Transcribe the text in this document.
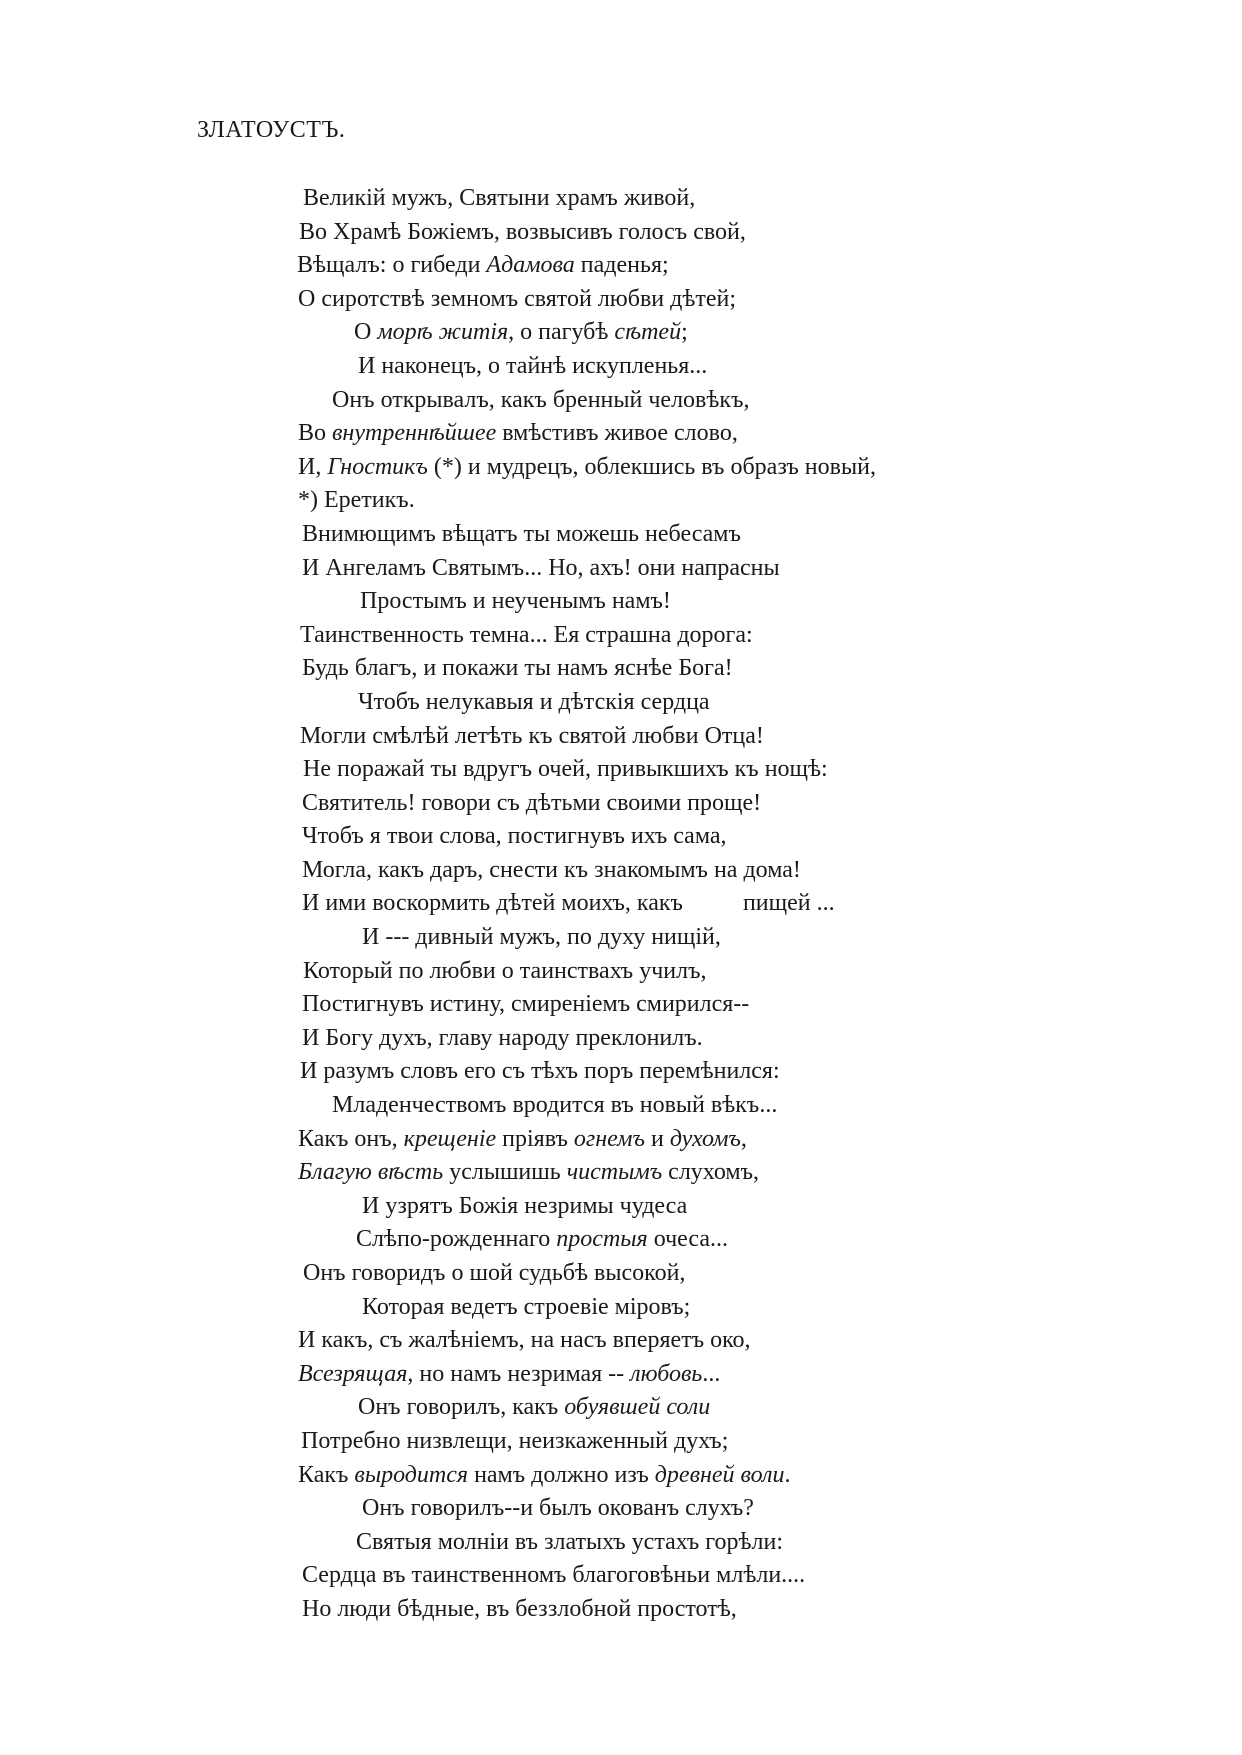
ЗЛАТОУСТЪ.
Великiй мужъ, Святыни храмъ живой,
Во Храмѣ Божiемъ, возвысивъ голосъ свой,
Вѣщалъ: о гибеди Адамова паденья;
О сиротствѣ земномъ святой любви дѣтей;
О морѣ житiя, о пагубѣ сѣтей;
И наконецъ, о тайнѣ искупленья...
Онъ открывалъ, какъ бренный человѣкъ,
Во внутреннѣйшее вмѣстивъ живое слово,
И, Гностикъ (*) и мудрецъ, облекшись въ образъ новый,
*) Еретикъ.
Внимющимъ вѣщатъ ты можешь небесамъ
И Ангеламъ Святымъ... Но, ахъ! они напрасны
Простымъ и неученымъ намъ!
Таинственность темна... Ея страшна дорога:
Будь благъ, и покажи ты намъ яснѣе Бога!
Чтобъ нелукавыя и дѣтскiя сердца
Могли смѣлѣй летѣть къ святой любви Отца!
Не поражай ты вдругъ очей, привыкшихъ къ нощѣ:
Святитель! говори съ дѣтьми своими проще!
Чтобъ я твои слова, постигнувъ ихъ сама,
Могла, какъ даръ, снести къ знакомымъ на дома!
И ими воскормить дѣтей моихъ, какъ	пищей ...
И --- дивный мужъ, по духу нищiй,
Который по любви о таинствахъ училъ,
Постигнувъ истину, смиренiемъ смирился--
И Богу духъ, главу народу преклонилъ.
И разумъ словъ его съ тѣхъ поръ перемѣнился:
Младенчествомъ вродится въ новый вѣкъ...
Какъ онъ, крещенiе прiявъ огнемъ и духомъ,
Благую вѣсть услышишь чистымъ слухомъ,
И узрятъ Божiя незримы чудеса
Слѣпо-рожденнаго простыя очеса...
Онъ говоридъ о шой судьбѣ высокой,
Которая ведетъ строевiе мiровъ;
И какъ, съ жалѣнiемъ, на насъ вперяетъ око,
Всезрящая, но намъ незримая -- любовь...
Онъ говорилъ, какъ обуявшей соли
Потребно низвлещи, неизкаженный духъ;
Какъ выродится намъ должно изъ древней воли.
Онъ говорилъ--и былъ окованъ слухъ?
Святыя молнiи въ златыхъ устахъ горѣли:
Сердца въ таинственномъ благоговѣньи млѣли....
Но люди бѣдные, въ беззлобной простотѣ,
